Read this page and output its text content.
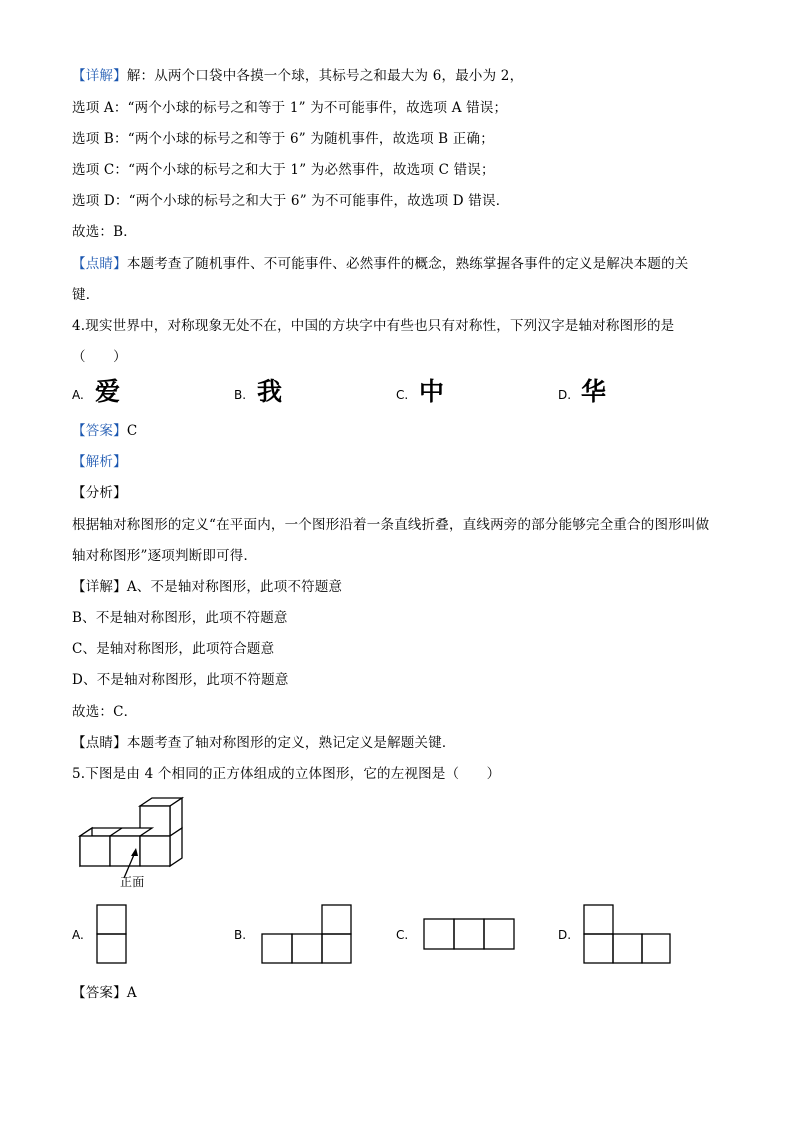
【详解】解：从两个口袋中各摸一个球，其标号之和最大为 6，最小为 2，
选项 A：“两个小球的标号之和等于 1” 为不可能事件，故选项 A 错误；
选项 B：“两个小球的标号之和等于 6” 为随机事件，故选项 B 正确；
选项 C：“两个小球的标号之和大于 1” 为必然事件，故选项 C 错误；
选项 D：“两个小球的标号之和大于 6” 为不可能事件，故选项 D 错误．
故选：B．
【点睛】本题考查了随机事件、不可能事件、必然事件的概念，熟练掌握各事件的定义是解决本题的关
键．
4.现实世界中，对称现象无处不在，中国的方块字中有些也只有对称性，下列汉字是轴对称图形的是
（　　）
A. 爱	B. 我	C. 中	D. 华
【答案】C
【解析】
【分析】
根据轴对称图形的定义“在平面内，一个图形沿着一条直线折叠，直线两旁的部分能够完全重合的图形叫做
轴对称图形”逐项判断即可得．
【详解】A、不是轴对称图形，此项不符题意
B、不是轴对称图形，此项不符题意
C、是轴对称图形，此项符合题意
D、不是轴对称图形，此项不符题意
故选：C．
【点睛】本题考查了轴对称图形的定义，熟记定义是解题关键．
5.下图是由 4 个相同的正方体组成的立体图形，它的左视图是（　　）
正面
A.	B.	C.	D.
【答案】A
